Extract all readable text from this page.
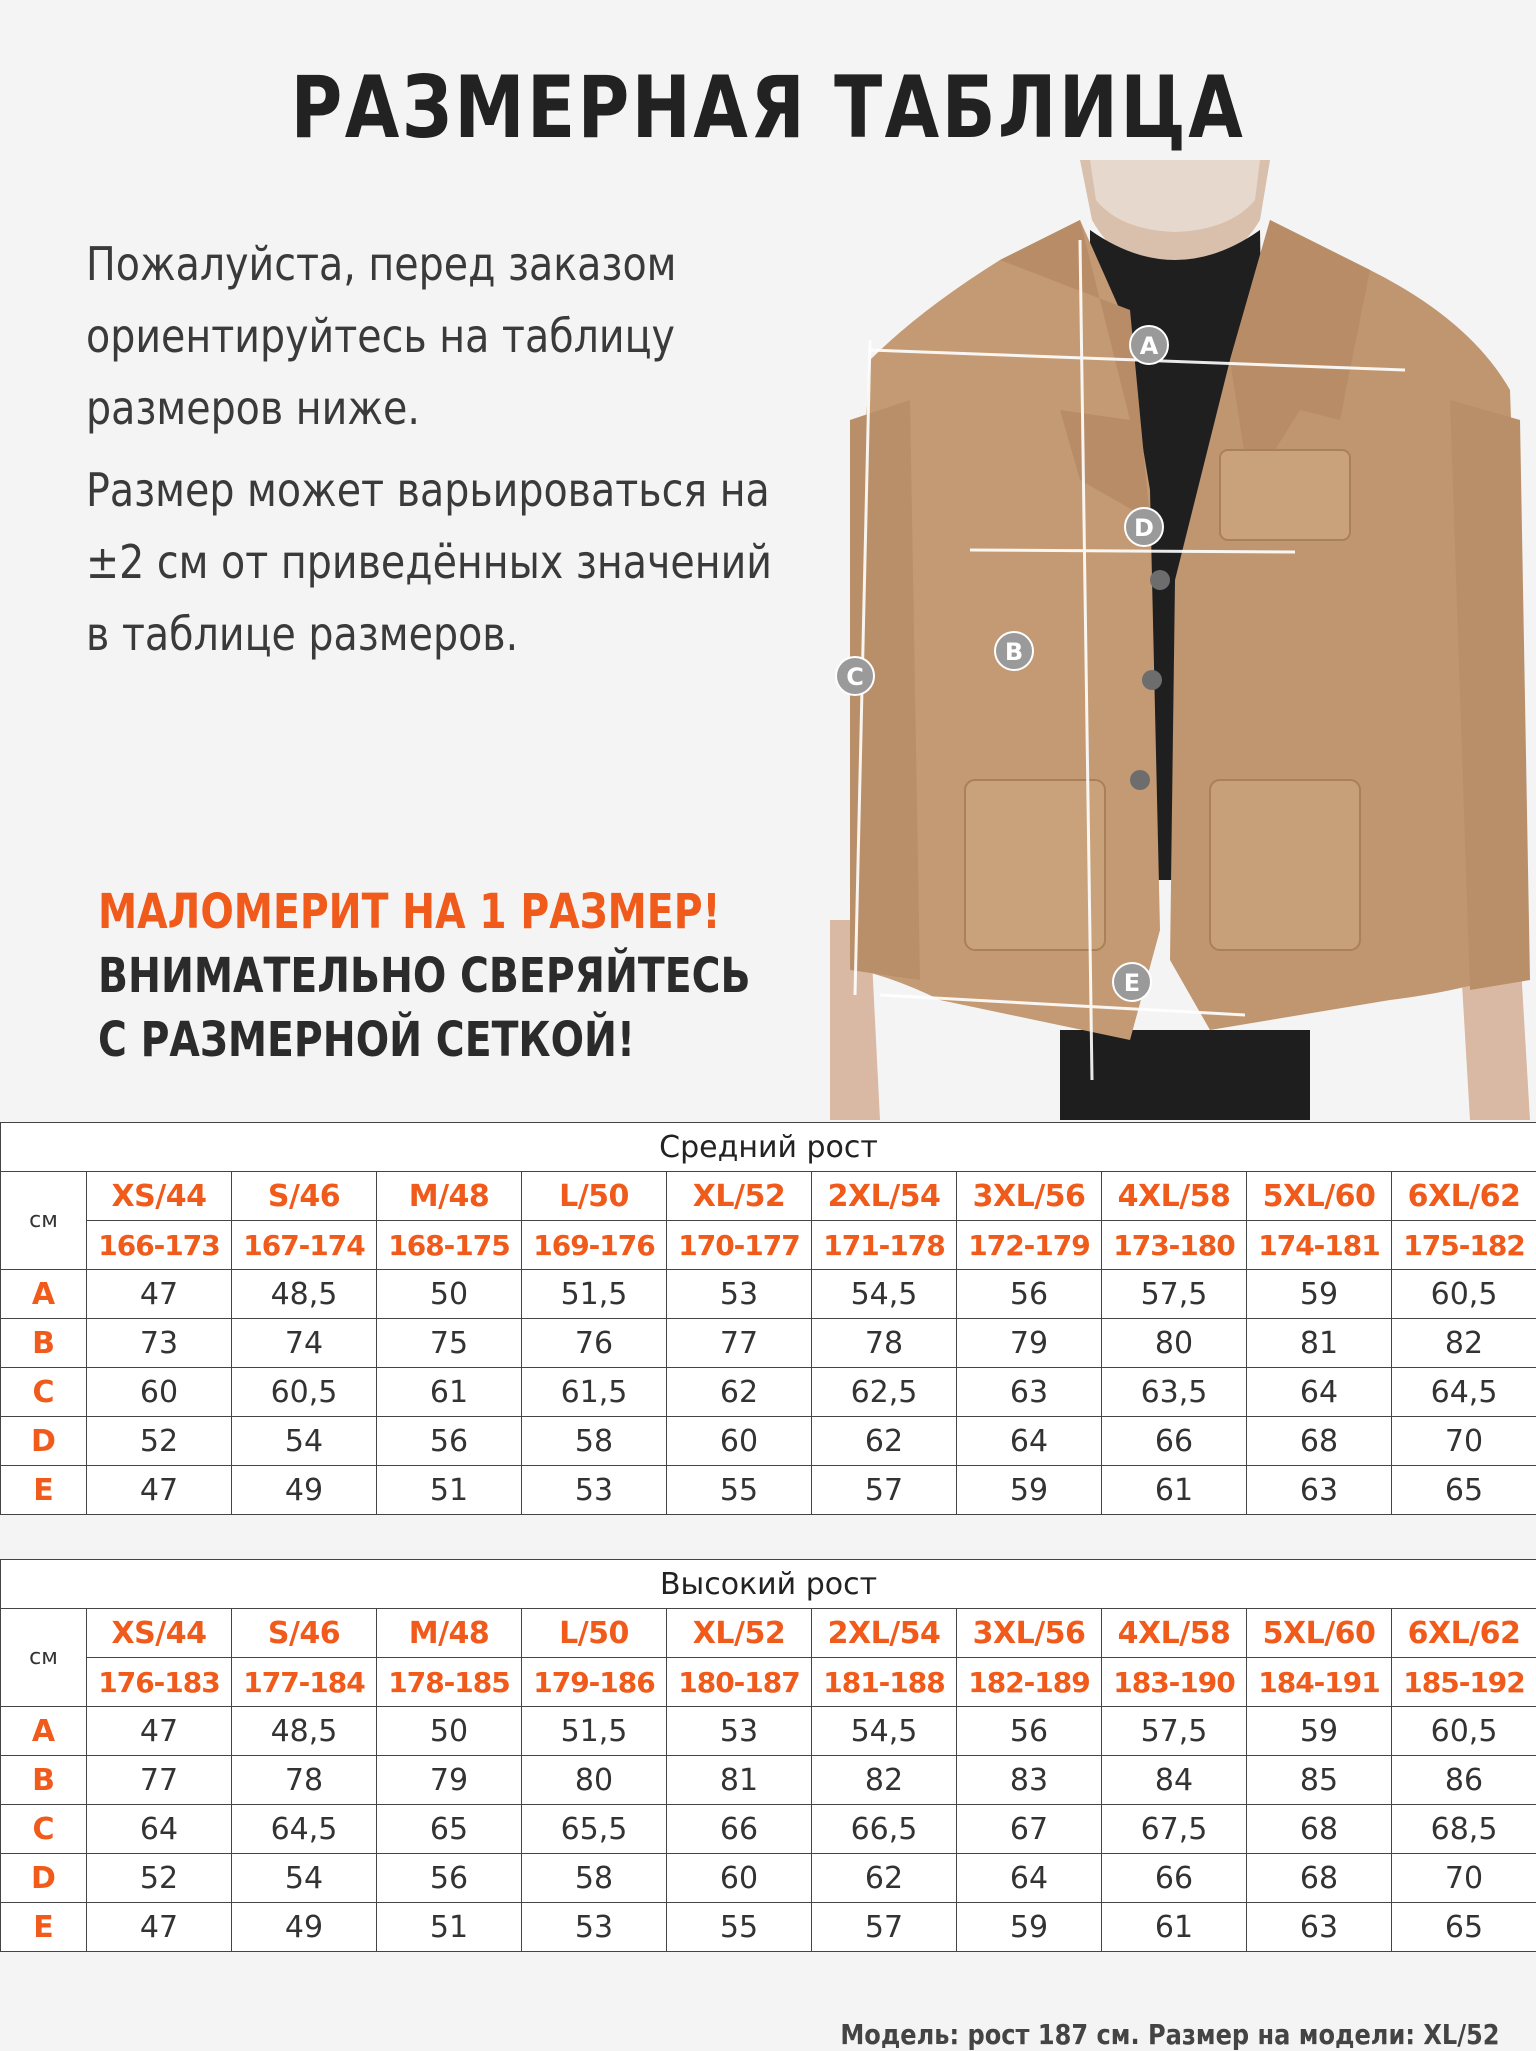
РАЗМЕРНАЯ ТАБЛИЦА

Пожалуйста, перед заказом ориентируйтесь на таблицу размеров ниже.

Размер может варьироваться на ±2 см от приведённых значений в таблице размеров.

МАЛОМЕРИТ НА 1 РАЗМЕР!
ВНИМАТЕЛЬНО СВЕРЯЙТЕСЬ
С РАЗМЕРНОЙ СЕТКОЙ!
A
D
B
C
E
Средний рост										
см	XS/44	S/46	M/48	L/50	XL/52	2XL/54	3XL/56	4XL/58	5XL/60	6XL/62
	166-173	167-174	168-175	169-176	170-177	171-178	172-179	173-180	174-181	175-182
A	47	48,5	50	51,5	53	54,5	56	57,5	59	60,5
B	73	74	75	76	77	78	79	80	81	82
C	60	60,5	61	61,5	62	62,5	63	63,5	64	64,5
D	52	54	56	58	60	62	64	66	68	70
E	47	49	51	53	55	57	59	61	63	65
Высокий рост										
см	XS/44	S/46	M/48	L/50	XL/52	2XL/54	3XL/56	4XL/58	5XL/60	6XL/62
	176-183	177-184	178-185	179-186	180-187	181-188	182-189	183-190	184-191	185-192
A	47	48,5	50	51,5	53	54,5	56	57,5	59	60,5
B	77	78	79	80	81	82	83	84	85	86
C	64	64,5	65	65,5	66	66,5	67	67,5	68	68,5
D	52	54	56	58	60	62	64	66	68	70
E	47	49	51	53	55	57	59	61	63	65
Модель: рост 187 см. Размер на модели: XL/52
